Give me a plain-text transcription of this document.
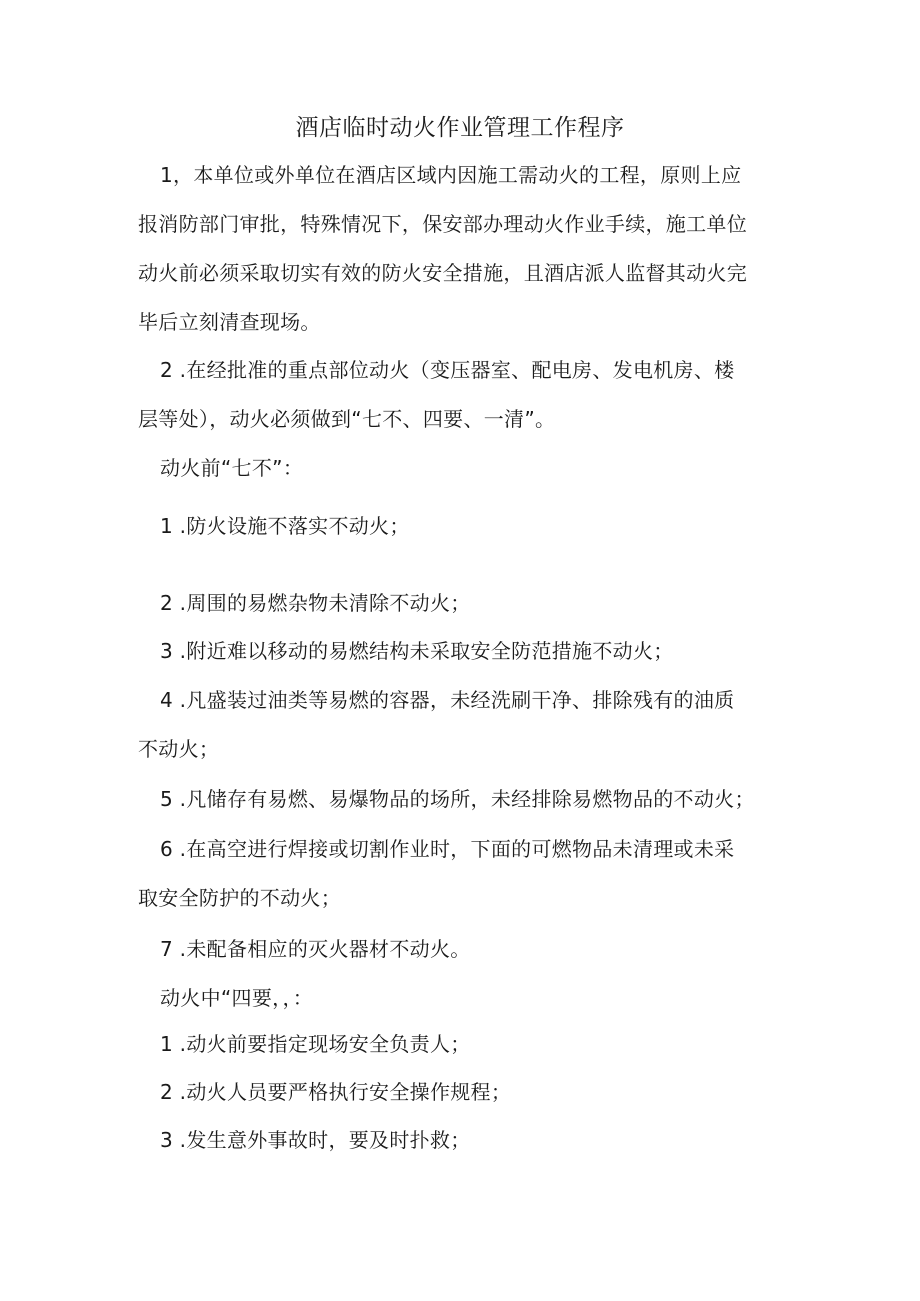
酒店临时动火作业管理工作程序

1，本单位或外单位在酒店区域内因施工需动火的工程，原则上应

报消防部门审批，特殊情况下，保安部办理动火作业手续，施工单位

动火前必须采取切实有效的防火安全措施，且酒店派人监督其动火完

毕后立刻清查现场。

2 .在经批准的重点部位动火（变压器室、配电房、发电机房、楼

层等处），动火必须做到“七不、四要、一清”。

动火前“七不”：

1 .防火设施不落实不动火；

2 .周围的易燃杂物未清除不动火；

3 .附近难以移动的易燃结构未采取安全防范措施不动火；

4 .凡盛装过油类等易燃的容器，未经洗刷干净、排除残有的油质

不动火；

5 .凡储存有易燃、易爆物品的场所，未经排除易燃物品的不动火；

6 .在高空进行焊接或切割作业时，下面的可燃物品未清理或未采

取安全防护的不动火；

7 .未配备相应的灭火器材不动火。

动火中“四要，，：

1 .动火前要指定现场安全负责人；

2 .动火人员要严格执行安全操作规程；

3 .发生意外事故时，要及时扑救；
